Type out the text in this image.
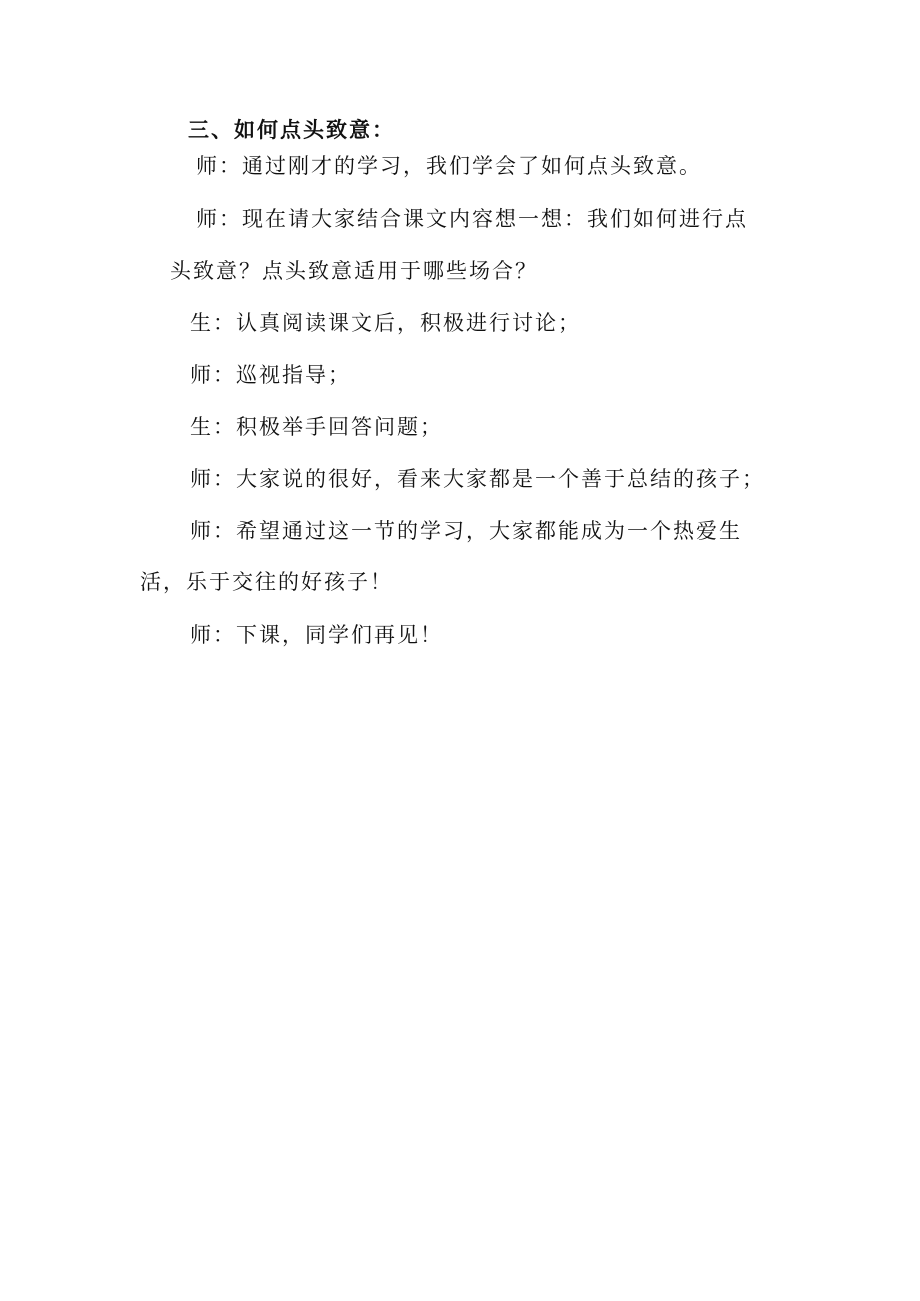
三、如何点头致意：
师：通过刚才的学习，我们学会了如何点头致意。
师：现在请大家结合课文内容想一想：我们如何进行点
头致意？点头致意适用于哪些场合？
生：认真阅读课文后，积极进行讨论；
师：巡视指导；
生：积极举手回答问题；
师：大家说的很好，看来大家都是一个善于总结的孩子；
师：希望通过这一节的学习，大家都能成为一个热爱生
活，乐于交往的好孩子！
师：下课，同学们再见！
